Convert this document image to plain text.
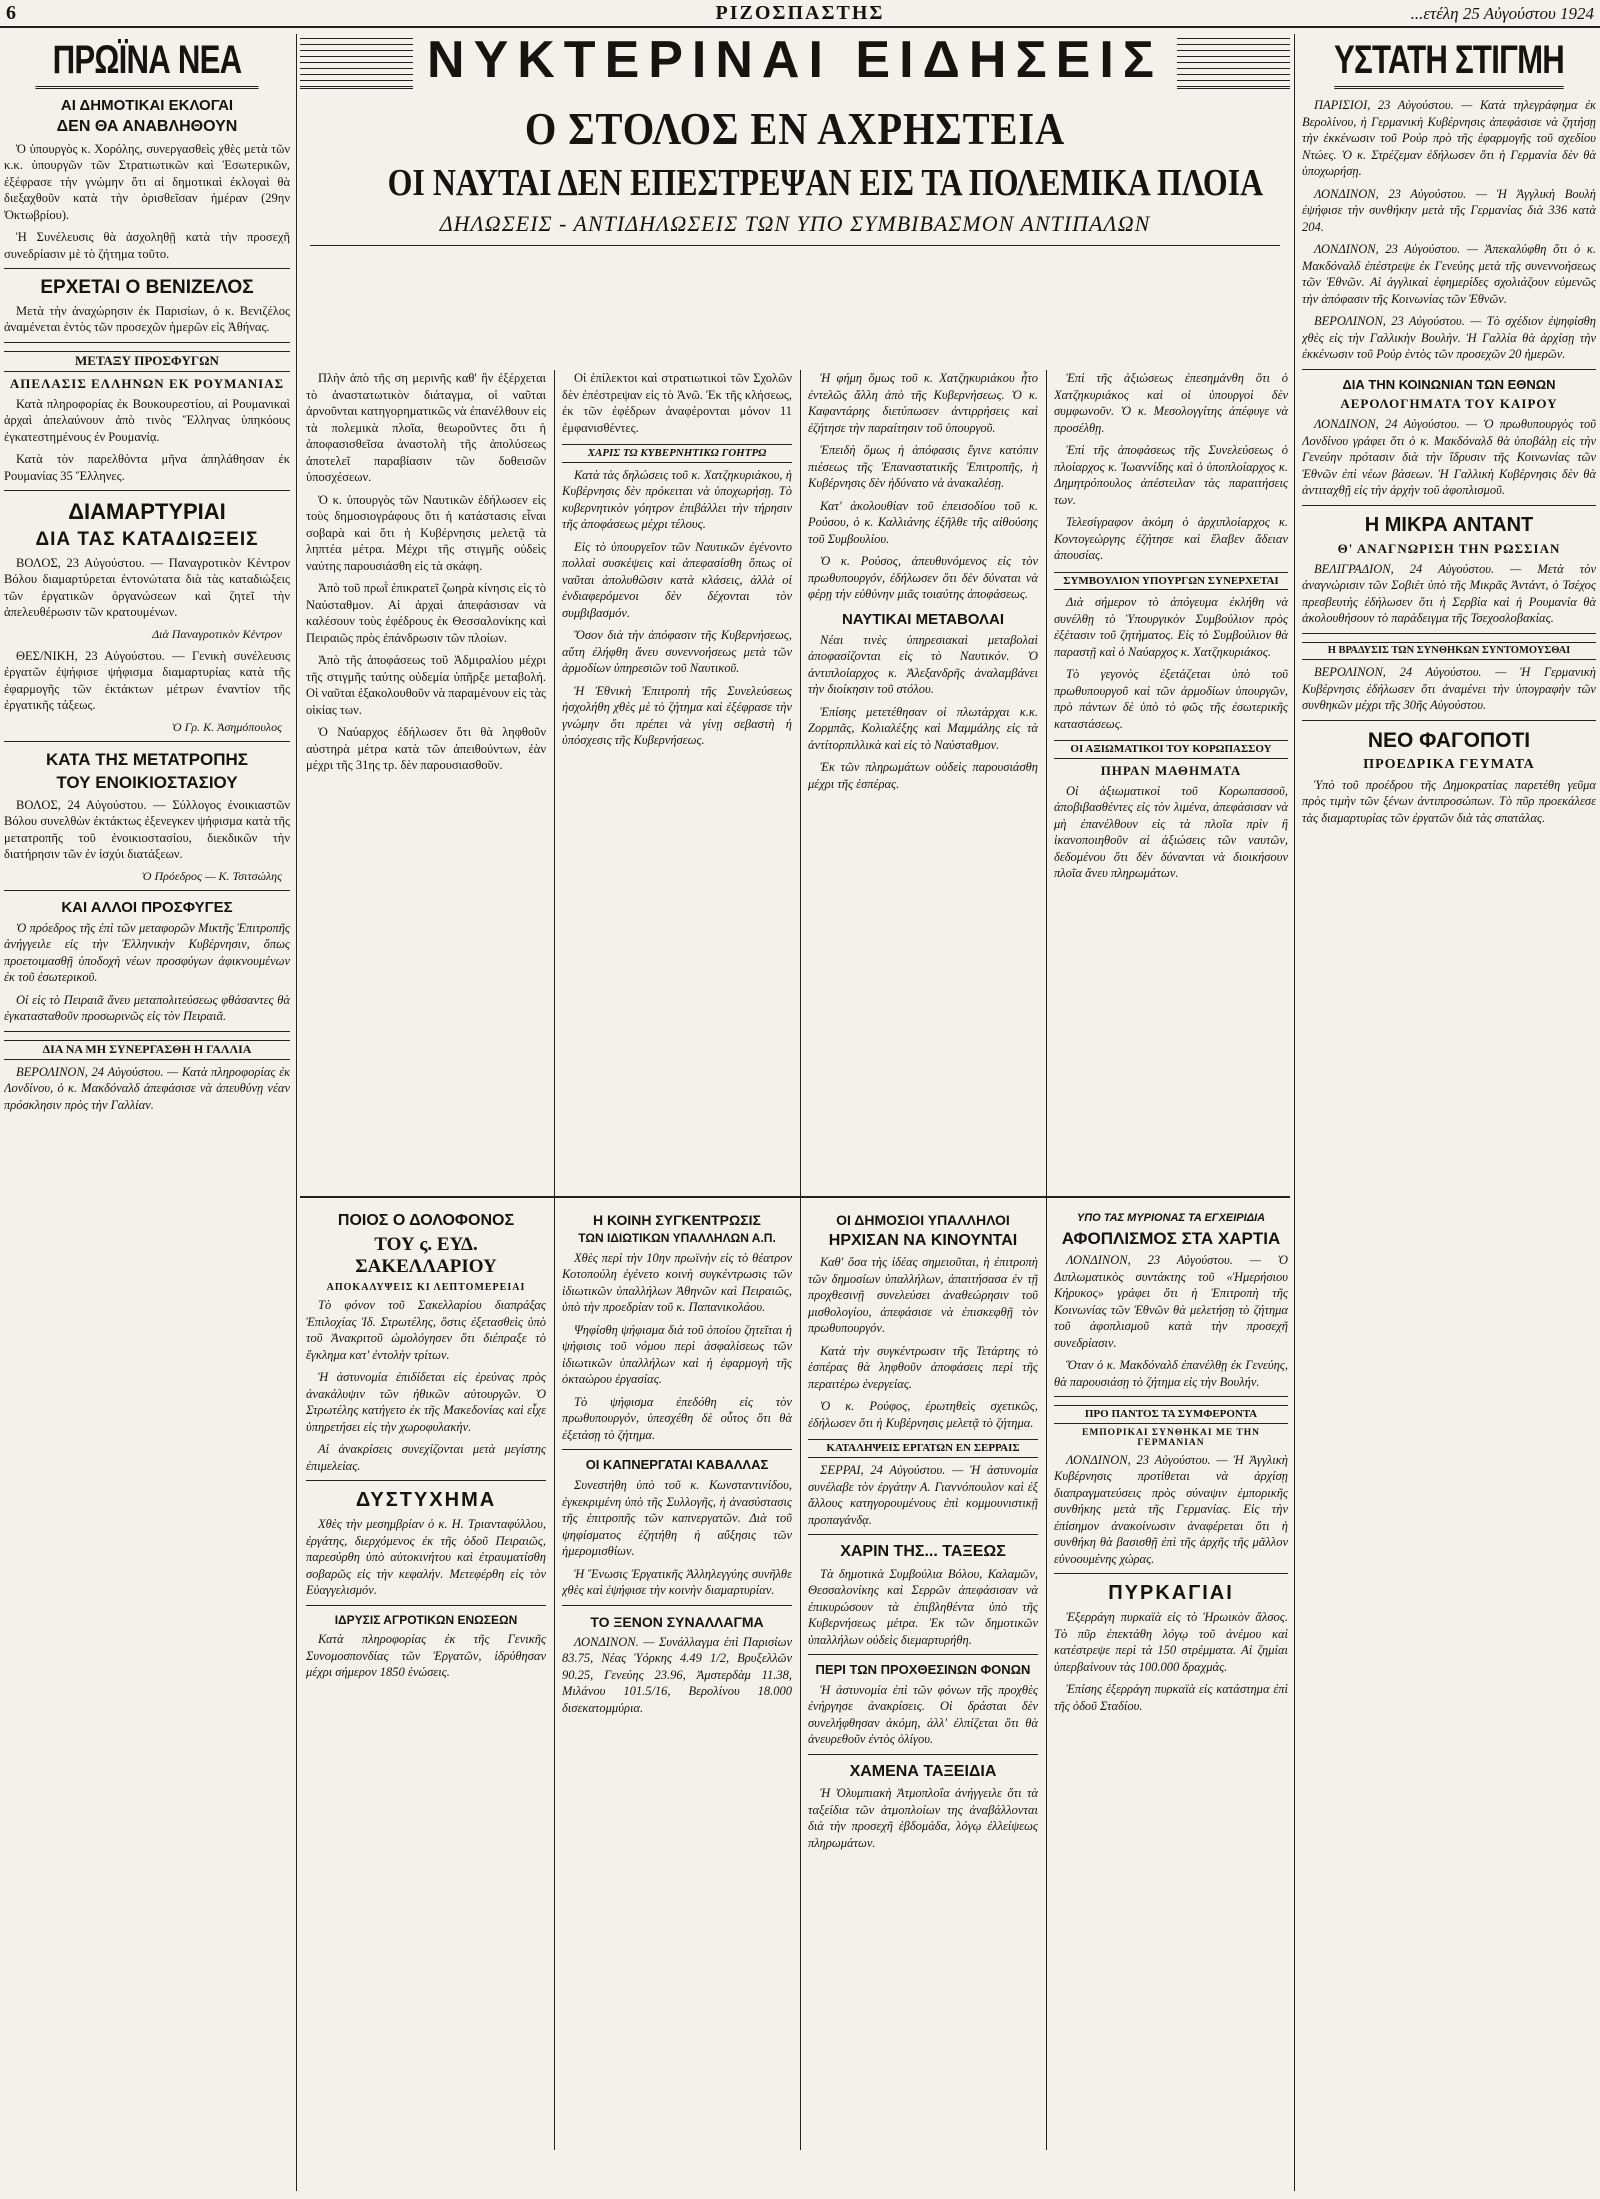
6	ΡΙΖΟΣΠΑΣΤΗΣ	...ετέλη 25 Αὐγούστου 1924
ΠΡΩΪΝΑ ΝΕΑ
ΑΙ ΔΗΜΟΤΙΚΑΙ ΕΚΛΟΓΑΙ
ΔΕΝ ΘΑ ΑΝΑΒΛΗΘΟΥΝ

Ὁ ὑπουργὸς κ. Χορόλης, συνεργασθεὶς χθὲς μετὰ τῶν κ.κ. ὑπουργῶν τῶν Στρατιωτικῶν καὶ Ἐσωτερικῶν, ἐξέφρασε τὴν γνώμην ὅτι αἱ δημοτικαὶ ἐκλογαὶ θὰ διεξαχθοῦν κατὰ τὴν ὁρισθεῖσαν ἡμέραν (29ην Ὀκτωβρίου).

Ἡ Συνέλευσις θὰ ἀσχοληθῇ κατὰ τὴν προσεχῆ συνεδρίασιν μὲ τὸ ζήτημα τοῦτο.

ΕΡΧΕΤΑΙ Ο ΒΕΝΙΖΕΛΟΣ

Μετὰ τὴν ἀναχώρησιν ἐκ Παρισίων, ὁ κ. Βενιζέλος ἀναμένεται ἐντὸς τῶν προσεχῶν ἡμερῶν εἰς Ἀθήνας.

ΜΕΤΑΞΥ ΠΡΟΣΦΥΓΩΝ
ΑΠΕΛΑΣΙΣ ΕΛΛΗΝΩΝ ΕΚ ΡΟΥΜΑΝΙΑΣ

Κατὰ πληροφορίας ἐκ Βουκουρεστίου, αἱ Ρουμανικαὶ ἀρχαὶ ἀπελαύνουν ἀπὸ τινὸς Ἕλληνας ὑπηκόους ἐγκατεστημένους ἐν Ρουμανίᾳ.

Κατὰ τὸν παρελθόντα μῆνα ἀπηλάθησαν ἐκ Ρουμανίας 35 Ἕλληνες.

ΔΙΑΜΑΡΤΥΡΙΑΙ
ΔΙΑ ΤΑΣ ΚΑΤΑΔΙΩΞΕΙΣ

ΒΟΛΟΣ, 23 Αὐγούστου. — Παναγροτικὸν Κέντρον Βόλου διαμαρτύρεται ἐντονώτατα διὰ τὰς καταδιώξεις τῶν ἐργατικῶν ὀργανώσεων καὶ ζητεῖ τὴν ἀπελευθέρωσιν τῶν κρατουμένων.

Διὰ Παναγροτικὸν Κέντρον

ΘΕΣ/ΝΙΚΗ, 23 Αὐγούστου. — Γενικὴ συνέλευσις ἐργατῶν ἐψήφισε ψήφισμα διαμαρτυρίας κατὰ τῆς ἐφαρμογῆς τῶν ἐκτάκτων μέτρων ἐναντίον τῆς ἐργατικῆς τάξεως.

Ὁ Γρ. Κ. Ἀσημόπουλος
ΚΑΤΑ ΤΗΣ ΜΕΤΑΤΡΟΠΗΣ
ΤΟΥ ΕΝΟΙΚΙΟΣΤΑΣΙΟΥ

ΒΟΛΟΣ, 24 Αὐγούστου. — Σύλλογος ἐνοικιαστῶν Βόλου συνελθὼν ἐκτάκτως ἐξενεγκεν ψήφισμα κατὰ τῆς μετατροπῆς τοῦ ἐνοικιοστασίου, διεκδικῶν τὴν διατήρησιν τῶν ἐν ἰσχύι διατάξεων.

Ὁ Πρόεδρος — Κ. Τσιτσώλης
ΚΑΙ ΑΛΛΟΙ ΠΡΟΣΦΥΓΕΣ

Ὁ πρόεδρος τῆς ἐπὶ τῶν μεταφορῶν Μικτῆς Ἐπιτροπῆς ἀνήγγειλε εἰς τὴν Ἑλληνικὴν Κυβέρνησιν, ὅπως προετοιμασθῇ ὑποδοχὴ νέων προσφύγων ἀφικνουμένων ἐκ τοῦ ἐσωτερικοῦ.

Οἱ εἰς τὸ Πειραιᾶ ἄνευ μεταπολιτεύσεως φθάσαντες θὰ ἐγκατασταθοῦν προσωρινῶς εἰς τὸν Πειραιᾶ.

ΔΙΑ ΝΑ ΜΗ ΣΥΝΕΡΓΑΣΘΗ Η ΓΑΛΛΙΑ

ΒΕΡΟΛΙΝΟΝ, 24 Αὐγούστου. — Κατὰ πληροφορίας ἐκ Λονδίνου, ὁ κ. Μακδόναλδ ἀπεφάσισε νὰ ἀπευθύνῃ νέαν πρόσκλησιν πρὸς τὴν Γαλλίαν.

ΝΥΚΤΕΡΙΝΑΙ ΕΙΔΗΣΕΙΣ
Ο ΣΤΟΛΟΣ ΕΝ ΑΧΡΗΣΤΕΙΑ
ΟΙ ΝΑΥΤΑΙ ΔΕΝ ΕΠΕΣΤΡΕΨΑΝ ΕΙΣ ΤΑ ΠΟΛΕΜΙΚΑ ΠΛΟΙΑ
ΔΗΛΩΣΕΙΣ - ΑΝΤΙΔΗΛΩΣΕΙΣ ΤΩΝ ΥΠΟ ΣΥΜΒΙΒΑΣΜΟΝ ΑΝΤΙΠΑΛΩΝ

Πλὴν ἀπὸ τῆς ση μερινῆς καθ' ἣν ἐξέρχεται τὸ ἀναστατωτικὸν διάταγμα, οἱ ναῦται ἀρνοῦνται κατηγορηματικῶς νὰ ἐπανέλθουν εἰς τὰ πολεμικὰ πλοῖα, θεωροῦντες ὅτι ἡ ἀποφασισθεῖσα ἀναστολὴ τῆς ἀπολύσεως ἀποτελεῖ παραβίασιν τῶν δοθεισῶν ὑποσχέσεων.

Ὁ κ. ὑπουργὸς τῶν Ναυτικῶν ἐδήλωσεν εἰς τοὺς δημοσιογράφους ὅτι ἡ κατάστασις εἶναι σοβαρὰ καὶ ὅτι ἡ Κυβέρνησις μελετᾷ τὰ ληπτέα μέτρα. Μέχρι τῆς στιγμῆς οὐδεὶς ναύτης παρουσιάσθη εἰς τὰ σκάφη.

Ἀπὸ τοῦ πρωῒ ἐπικρατεῖ ζωηρὰ κίνησις εἰς τὸ Ναύσταθμον. Αἱ ἀρχαὶ ἀπεφάσισαν νὰ καλέσουν τοὺς ἐφέδρους ἐκ Θεσσαλονίκης καὶ Πειραιῶς πρὸς ἐπάνδρωσιν τῶν πλοίων.

Ἀπὸ τῆς ἀποφάσεως τοῦ Ἀδμιραλίου μέχρι τῆς στιγμῆς ταύτης οὐδεμία ὑπῆρξε μεταβολή. Οἱ ναῦται ἐξακολουθοῦν νὰ παραμένουν εἰς τὰς οἰκίας των.

Ὁ Ναύαρχος ἐδήλωσεν ὅτι θὰ ληφθοῦν αὐστηρὰ μέτρα κατὰ τῶν ἀπειθούντων, ἐὰν μέχρι τῆς 31ης τρ. δὲν παρουσιασθοῦν.

Οἱ ἐπίλεκτοι καὶ στρατιωτικοὶ τῶν Σχολῶν δὲν ἐπέστρεψαν εἰς τὸ Ἀνῶ. Ἐκ τῆς κλήσεως, ἐκ τῶν ἐφέδρων ἀναφέρονται μόνον 11 ἐμφανισθέντες.

ΧΑΡΙΣ ΤΩ ΚΥΒΕΡΝΗΤΙΚΩ ΓΟΗΤΡΩ

Κατὰ τὰς δηλώσεις τοῦ κ. Χατζηκυριάκου, ἡ Κυβέρνησις δὲν πρόκειται νὰ ὑποχωρήσῃ. Τὸ κυβερνητικὸν γόητρον ἐπιβάλλει τὴν τήρησιν τῆς ἀποφάσεως μέχρι τέλους.

Εἰς τὸ ὑπουργεῖον τῶν Ναυτικῶν ἐγένοντο πολλαὶ συσκέψεις καὶ ἀπεφασίσθη ὅπως οἱ ναῦται ἀπολυθῶσιν κατὰ κλάσεις, ἀλλὰ οἱ ἐνδιαφερόμενοι δὲν δέχονται τὸν συμβιβασμόν.

Ὅσον διὰ τὴν ἀπόφασιν τῆς Κυβερνήσεως, αὕτη ἐλήφθη ἄνευ συνεννοήσεως μετὰ τῶν ἀρμοδίων ὑπηρεσιῶν τοῦ Ναυτικοῦ.

Ἡ Ἐθνικὴ Ἐπιτροπὴ τῆς Συνελεύσεως ἠσχολήθη χθὲς μὲ τὸ ζήτημα καὶ ἐξέφρασε τὴν γνώμην ὅτι πρέπει νὰ γίνῃ σεβαστὴ ἡ ὑπόσχεσις τῆς Κυβερνήσεως.

Ἡ φήμη ὅμως τοῦ κ. Χατζηκυριάκου ἦτο ἐντελῶς ἄλλη ἀπὸ τῆς Κυβερνήσεως. Ὁ κ. Καφαντάρης διετύπωσεν ἀντιρρήσεις καὶ ἐζήτησε τὴν παραίτησιν τοῦ ὑπουργοῦ.

Ἐπειδὴ ὅμως ἡ ἀπόφασις ἔγινε κατόπιν πιέσεως τῆς Ἐπαναστατικῆς Ἐπιτροπῆς, ἡ Κυβέρνησις δὲν ἠδύνατο νὰ ἀνακαλέσῃ.

Κατ' ἀκολουθίαν τοῦ ἐπεισοδίου τοῦ κ. Ρούσου, ὁ κ. Καλλιάνης ἐξῆλθε τῆς αἰθούσης τοῦ Συμβουλίου.

Ὁ κ. Ρούσος, ἀπευθυνόμενος εἰς τὸν πρωθυπουργόν, ἐδήλωσεν ὅτι δὲν δύναται νὰ φέρῃ τὴν εὐθύνην μιᾶς τοιαύτης ἀποφάσεως.

ΝΑΥΤΙΚΑΙ ΜΕΤΑΒΟΛΑΙ

Νέαι τινὲς ὑπηρεσιακαὶ μεταβολαὶ ἀποφασίζονται εἰς τὸ Ναυτικόν. Ὁ ἀντιπλοίαρχος κ. Ἀλεξανδρῆς ἀναλαμβάνει τὴν διοίκησιν τοῦ στόλου.

Ἐπίσης μετετέθησαν οἱ πλωτάρχαι κ.κ. Ζορμπᾶς, Κολιαλέξης καὶ Μαμμάλης εἰς τὰ ἀντίτορπιλλικὰ καὶ εἰς τὸ Ναύσταθμον.

Ἐκ τῶν πληρωμάτων οὐδεὶς παρουσιάσθη μέχρι τῆς ἑσπέρας.

Ἐπὶ τῆς ἀξιώσεως ἐπεσημάνθη ὅτι ὁ Χατζηκυριάκος καὶ οἱ ὑπουργοὶ δὲν συμφωνοῦν. Ὁ κ. Μεσολογγίτης ἀπέφυγε νὰ προσέλθῃ.

Ἐπὶ τῆς ἀποφάσεως τῆς Συνελεύσεως ὁ πλοίαρχος κ. Ἰωαννίδης καὶ ὁ ὑποπλοίαρχος κ. Δημητρόπουλος ἀπέστειλαν τὰς παραιτήσεις των.

Τελεσίγραφον ἀκόμη ὁ ἀρχιπλοίαρχος κ. Κοντογεώργης ἐζήτησε καὶ ἔλαβεν ἄδειαν ἀπουσίας.

ΣΥΜΒΟΥΛΙΟΝ ΥΠΟΥΡΓΩΝ ΣΥΝΕΡΧΕΤΑΙ

Διὰ σήμερον τὸ ἀπόγευμα ἐκλήθη νὰ συνέλθῃ τὸ Ὑπουργικὸν Συμβούλιον πρὸς ἐξέτασιν τοῦ ζητήματος. Εἰς τὸ Συμβούλιον θὰ παραστῇ καὶ ὁ Ναύαρχος κ. Χατζηκυριάκος.

Τὸ γεγονὸς ἐξετάζεται ὑπὸ τοῦ πρωθυπουργοῦ καὶ τῶν ἀρμοδίων ὑπουργῶν, πρὸ πάντων δὲ ὑπὸ τὸ φῶς τῆς ἐσωτερικῆς καταστάσεως.

ΟΙ ΑΞΙΩΜΑΤΙΚΟΙ ΤΟΥ ΚΟΡΩΠΑΣΣΟΥ
ΠΗΡΑΝ ΜΑΘΗΜΑΤΑ

Οἱ ἀξιωματικοὶ τοῦ Κορωπασσοῦ, ἀποβιβασθέντες εἰς τὸν λιμένα, ἀπεφάσισαν νὰ μὴ ἐπανέλθουν εἰς τὰ πλοῖα πρὶν ἢ ἱκανοποιηθοῦν αἱ ἀξιώσεις τῶν ναυτῶν, δεδομένου ὅτι δὲν δύνανται νὰ διοικήσουν πλοῖα ἄνευ πληρωμάτων.

ΠΟΙΟΣ Ο ΔΟΛΟΦΟΝΟΣ
ΤΟΥ ς. ΕΥΔ. ΣΑΚΕΛΛΑΡΙΟΥ
ΑΠΟΚΑΛΥΨΕΙΣ ΚΙ ΛΕΠΤΟΜΕΡΕΙΑΙ

Τὸ φόνον τοῦ Σακελλαρίου διαπράξας Ἐπιλοχίας Ἰδ. Στρωτέλης, ὅστις ἐξετασθεὶς ὑπὸ τοῦ Ἀνακριτοῦ ὡμολόγησεν ὅτι διέπραξε τὸ ἔγκλημα κατ' ἐντολὴν τρίτων.

Ἡ ἀστυνομία ἐπιδίδεται εἰς ἐρεύνας πρὸς ἀνακάλυψιν τῶν ἠθικῶν αὐτουργῶν. Ὁ Στρωτέλης κατήγετο ἐκ τῆς Μακεδονίας καὶ εἶχε ὑπηρετήσει εἰς τὴν χωροφυλακήν.

Αἱ ἀνακρίσεις συνεχίζονται μετὰ μεγίστης ἐπιμελείας.

ΔΥΣΤΥΧΗΜΑ

Χθὲς τὴν μεσημβρίαν ὁ κ. Η. Τριανταφύλλου, ἐργάτης, διερχόμενος ἐκ τῆς ὁδοῦ Πειραιῶς, παρεσύρθη ὑπὸ αὐτοκινήτου καὶ ἐτραυματίσθη σοβαρῶς εἰς τὴν κεφαλήν. Μετεφέρθη εἰς τὸν Εὐαγγελισμόν.

ΙΔΡΥΣΙΣ ΑΓΡΟΤΙΚΩΝ ΕΝΩΣΕΩΝ

Κατὰ πληροφορίας ἐκ τῆς Γενικῆς Συνομοσπονδίας τῶν Ἐργατῶν, ἱδρύθησαν μέχρι σήμερον 1850 ἑνώσεις.

Η ΚΟΙΝΗ ΣΥΓΚΕΝΤΡΩΣΙΣ
ΤΩΝ ΙΔΙΩΤΙΚΩΝ ΥΠΑΛΛΗΛΩΝ Α.Π.

Χθὲς περὶ τὴν 10ην πρωϊνὴν εἰς τὸ θέατρον Κοτοπούλη ἐγένετο κοινὴ συγκέντρωσις τῶν ἰδιωτικῶν ὑπαλλήλων Ἀθηνῶν καὶ Πειραιῶς, ὑπὸ τὴν προεδρίαν τοῦ κ. Παπανικολάου.

Ψηφίσθη ψήφισμα διὰ τοῦ ὁποίου ζητεῖται ἡ ψήφισις τοῦ νόμου περὶ ἀσφαλίσεως τῶν ἰδιωτικῶν ὑπαλλήλων καὶ ἡ ἐφαρμογὴ τῆς ὀκταώρου ἐργασίας.

Τὸ ψήφισμα ἐπεδόθη εἰς τὸν πρωθυπουργόν, ὑπεσχέθη δὲ οὗτος ὅτι θὰ ἐξετάσῃ τὸ ζήτημα.

ΟΙ ΚΑΠΝΕΡΓΑΤΑΙ ΚΑΒΑΛΛΑΣ

Συνεστήθη ὑπὸ τοῦ κ. Κωνσταντινίδου, ἐγκεκριμένη ὑπὸ τῆς Συλλογῆς, ἡ ἀνασύστασις τῆς ἐπιτροπῆς τῶν καπνεργατῶν. Διὰ τοῦ ψηφίσματος ἐζητήθη ἡ αὔξησις τῶν ἡμερομισθίων.

Ἡ Ἕνωσις Ἐργατικῆς Ἀλληλεγγύης συνῆλθε χθὲς καὶ ἐψήφισε τὴν κοινὴν διαμαρτυρίαν.

ΤΟ ΞΕΝΟΝ ΣΥΝΑΛΛΑΓΜΑ

ΛΟΝΔΙΝΟΝ. — Συνάλλαγμα ἐπὶ Παρισίων 83.75, Νέας Ὑόρκης 4.49 1/2, Βρυξελλῶν 90.25, Γενεύης 23.96, Ἀμστερδὰμ 11.38, Μιλάνου 101.5/16, Βερολίνου 18.000 δισεκατομμύρια.

ΟΙ ΔΗΜΟΣΙΟΙ ΥΠΑΛΛΗΛΟΙ
ΗΡΧΙΣΑΝ ΝΑ ΚΙΝΟΥΝΤΑΙ

Καθ' ὅσα τὴς ἰδέας σημειοῦται, ἡ ἐπιτροπὴ τῶν δημοσίων ὑπαλλήλων, ἀπαιτήσασα ἐν τῇ προχθεσινῇ συνελεύσει ἀναθεώρησιν τοῦ μισθολογίου, ἀπεφάσισε νὰ ἐπισκεφθῇ τὸν πρωθυπουργόν.

Κατὰ τὴν συγκέντρωσιν τῆς Τετάρτης τὸ ἑσπέρας θὰ ληφθοῦν ἀποφάσεις περὶ τῆς περαιτέρω ἐνεργείας.

Ὁ κ. Ρούφος, ἐρωτηθεὶς σχετικῶς, ἐδήλωσεν ὅτι ἡ Κυβέρνησις μελετᾷ τὸ ζήτημα.

ΚΑΤΑΛΗΨΕΙΣ ΕΡΓΑΤΩΝ ΕΝ ΣΕΡΡΑΙΣ

ΣΕΡΡΑΙ, 24 Αὐγούστου. — Ἡ ἀστυνομία συνέλαβε τὸν ἐργάτην Α. Γιαννόπουλον καὶ ἐξ ἄλλους κατηγορουμένους ἐπὶ κομμουνιστικῇ προπαγάνδᾳ.

ΧΑΡΙΝ ΤΗΣ... ΤΑΞΕΩΣ

Τὰ δημοτικὰ Συμβούλια Βόλου, Καλαμῶν, Θεσσαλονίκης καὶ Σερρῶν ἀπεφάσισαν νὰ ἐπικυρώσουν τὰ ἐπιβληθέντα ὑπὸ τῆς Κυβερνήσεως μέτρα. Ἐκ τῶν δημοτικῶν ὑπαλλήλων οὐδεὶς διεμαρτυρήθη.

ΠΕΡΙ ΤΩΝ ΠΡΟΧΘΕΣΙΝΩΝ ΦΟΝΩΝ

Ἡ ἀστυνομία ἐπὶ τῶν φόνων τῆς προχθὲς ἐνήργησε ἀνακρίσεις. Οἱ δράσται δὲν συνελήφθησαν ἀκόμη, ἀλλ' ἐλπίζεται ὅτι θὰ ἀνευρεθοῦν ἐντὸς ὀλίγου.

ΧΑΜΕΝΑ ΤΑΞΕΙΔΙΑ

Ἡ Ὀλυμπιακὴ Ἀτμοπλοΐα ἀνήγγειλε ὅτι τὰ ταξείδια τῶν ἀτμοπλοίων της ἀναβάλλονται διὰ τὴν προσεχῆ ἑβδομάδα, λόγῳ ἐλλείψεως πληρωμάτων.

ΥΠΟ ΤΑΣ ΜΥΡΙΟΝΑΣ ΤΑ ΕΓΧΕΙΡΙΔΙΑ
ΑΦΟΠΛΙΣΜΟΣ ΣΤΑ ΧΑΡΤΙΑ

ΛΟΝΔΙΝΟΝ, 23 Αὐγούστου. — Ὁ Διπλωματικὸς συντάκτης τοῦ «Ἡμερήσιου Κήρυκος» γράφει ὅτι ἡ Ἐπιτροπὴ τῆς Κοινωνίας τῶν Ἐθνῶν θὰ μελετήσῃ τὸ ζήτημα τοῦ ἀφοπλισμοῦ κατὰ τὴν προσεχῆ συνεδρίασιν.

Ὅταν ὁ κ. Μακδόναλδ ἐπανέλθῃ ἐκ Γενεύης, θὰ παρουσιάσῃ τὸ ζήτημα εἰς τὴν Βουλήν.

ΠΡΟ ΠΑΝΤΟΣ ΤΑ ΣΥΜΦΕΡΟΝΤΑ
ΕΜΠΟΡΙΚΑΙ ΣΥΝΘΗΚΑΙ ΜΕ ΤΗΝ ΓΕΡΜΑΝΙΑΝ

ΛΟΝΔΙΝΟΝ, 23 Αὐγούστου. — Ἡ Ἀγγλικὴ Κυβέρνησις προτίθεται νὰ ἀρχίσῃ διαπραγματεύσεις πρὸς σύναψιν ἐμπορικῆς συνθήκης μετὰ τῆς Γερμανίας. Εἰς τὴν ἐπίσημον ἀνακοίνωσιν ἀναφέρεται ὅτι ἡ συνθήκη θὰ βασισθῇ ἐπὶ τῆς ἀρχῆς τῆς μᾶλλον εὐνοουμένης χώρας.

ΠΥΡΚΑΓΙΑΙ

Ἐξερράγη πυρκαϊὰ εἰς τὸ Ἡρωικὸν ἄλσος. Τὸ πῦρ ἐπεκτάθη λόγῳ τοῦ ἀνέμου καὶ κατέστρεψε περὶ τὰ 150 στρέμματα. Αἱ ζημίαι ὑπερβαίνουν τὰς 100.000 δραχμάς.

Ἐπίσης ἐξερράγη πυρκαϊὰ εἰς κατάστημα ἐπὶ τῆς ὁδοῦ Σταδίου.

ΥΣΤΑΤΗ ΣΤΙΓΜΗ

ΠΑΡΙΣΙΟΙ, 23 Αὐγούστου. — Κατὰ τηλεγράφημα ἐκ Βερολίνου, ἡ Γερμανικὴ Κυβέρνησις ἀπεφάσισε νὰ ζητήσῃ τὴν ἐκκένωσιν τοῦ Ρούρ πρὸ τῆς ἐφαρμογῆς τοῦ σχεδίου Ντώες. Ὁ κ. Στρέζεμαν ἐδήλωσεν ὅτι ἡ Γερμανία δὲν θὰ ὑποχωρήσῃ.

ΛΟΝΔΙΝΟΝ, 23 Αὐγούστου. — Ἡ Ἀγγλικὴ Βουλὴ ἐψήφισε τὴν συνθήκην μετὰ τῆς Γερμανίας διὰ 336 κατὰ 204.

ΛΟΝΔΙΝΟΝ, 23 Αὐγούστου. — Ἀπεκαλύφθη ὅτι ὁ κ. Μακδόναλδ ἐπέστρεψε ἐκ Γενεύης μετὰ τῆς συνεννοήσεως τῶν Ἐθνῶν. Αἱ ἀγγλικαὶ ἐφημερίδες σχολιάζουν εὐμενῶς τὴν ἀπόφασιν τῆς Κοινωνίας τῶν Ἐθνῶν.

ΒΕΡΟΛΙΝΟΝ, 23 Αὐγούστου. — Τὸ σχέδιον ἐψηφίσθη χθὲς εἰς τὴν Γαλλικὴν Βουλὴν. Ἡ Γαλλία θὰ ἀρχίσῃ τὴν ἐκκένωσιν τοῦ Ρούρ ἐντὸς τῶν προσεχῶν 20 ἡμερῶν.

ΔΙΑ ΤΗΝ ΚΟΙΝΩΝΙΑΝ ΤΩΝ ΕΘΝΩΝ
ΑΕΡΟΛΟΓΗΜΑΤΑ ΤΟΥ ΚΑΙΡΟΥ

ΛΟΝΔΙΝΟΝ, 24 Αὐγούστου. — Ὁ πρωθυπουργὸς τοῦ Λονδίνου γράφει ὅτι ὁ κ. Μακδόναλδ θὰ ὑποβάλῃ εἰς τὴν Γενεύην πρότασιν διὰ τὴν ἵδρυσιν τῆς Κοινωνίας τῶν Ἐθνῶν ἐπὶ νέων βάσεων. Ἡ Γαλλικὴ Κυβέρνησις δὲν θὰ ἀντιταχθῇ εἰς τὴν ἀρχὴν τοῦ ἀφοπλισμοῦ.

Η ΜΙΚΡΑ ΑΝΤΑΝΤ
Θ' ΑΝΑΓΝΩΡΙΣΗ ΤΗΝ ΡΩΣΣΙΑΝ

ΒΕΛΙΓΡΑΔΙΟΝ, 24 Αὐγούστου. — Μετὰ τὸν ἀναγνώρισιν τῶν Σοβιέτ ὑπὸ τῆς Μικρᾶς Ἀντάντ, ὁ Τσέχος πρεσβευτὴς ἐδήλωσεν ὅτι ἡ Σερβία καὶ ἡ Ρουμανία θὰ ἀκολουθήσουν τὸ παράδειγμα τῆς Τσεχοσλοβακίας.

Η ΒΡΑΔΥΣΙΣ ΤΩΝ ΣΥΝΘΗΚΩΝ ΣΥΝΤΟΜΟΥΣΘΑΙ

ΒΕΡΟΛΙΝΟΝ, 24 Αὐγούστου. — Ἡ Γερμανικὴ Κυβέρνησις ἐδήλωσεν ὅτι ἀναμένει τὴν ὑπογραφὴν τῶν συνθηκῶν μέχρι τῆς 30ῆς Αὐγούστου.

ΝΕΟ ΦΑΓΟΠΟΤΙ
ΠΡΟΕΔΡΙΚΑ ΓΕΥΜΑΤΑ

Ὑπὸ τοῦ προέδρου τῆς Δημοκρατίας παρετέθη γεῦμα πρὸς τιμὴν τῶν ξένων ἀντιπροσώπων. Τὸ πῦρ προεκάλεσε τὰς διαμαρτυρίας τῶν ἐργατῶν διὰ τὰς σπατάλας.
